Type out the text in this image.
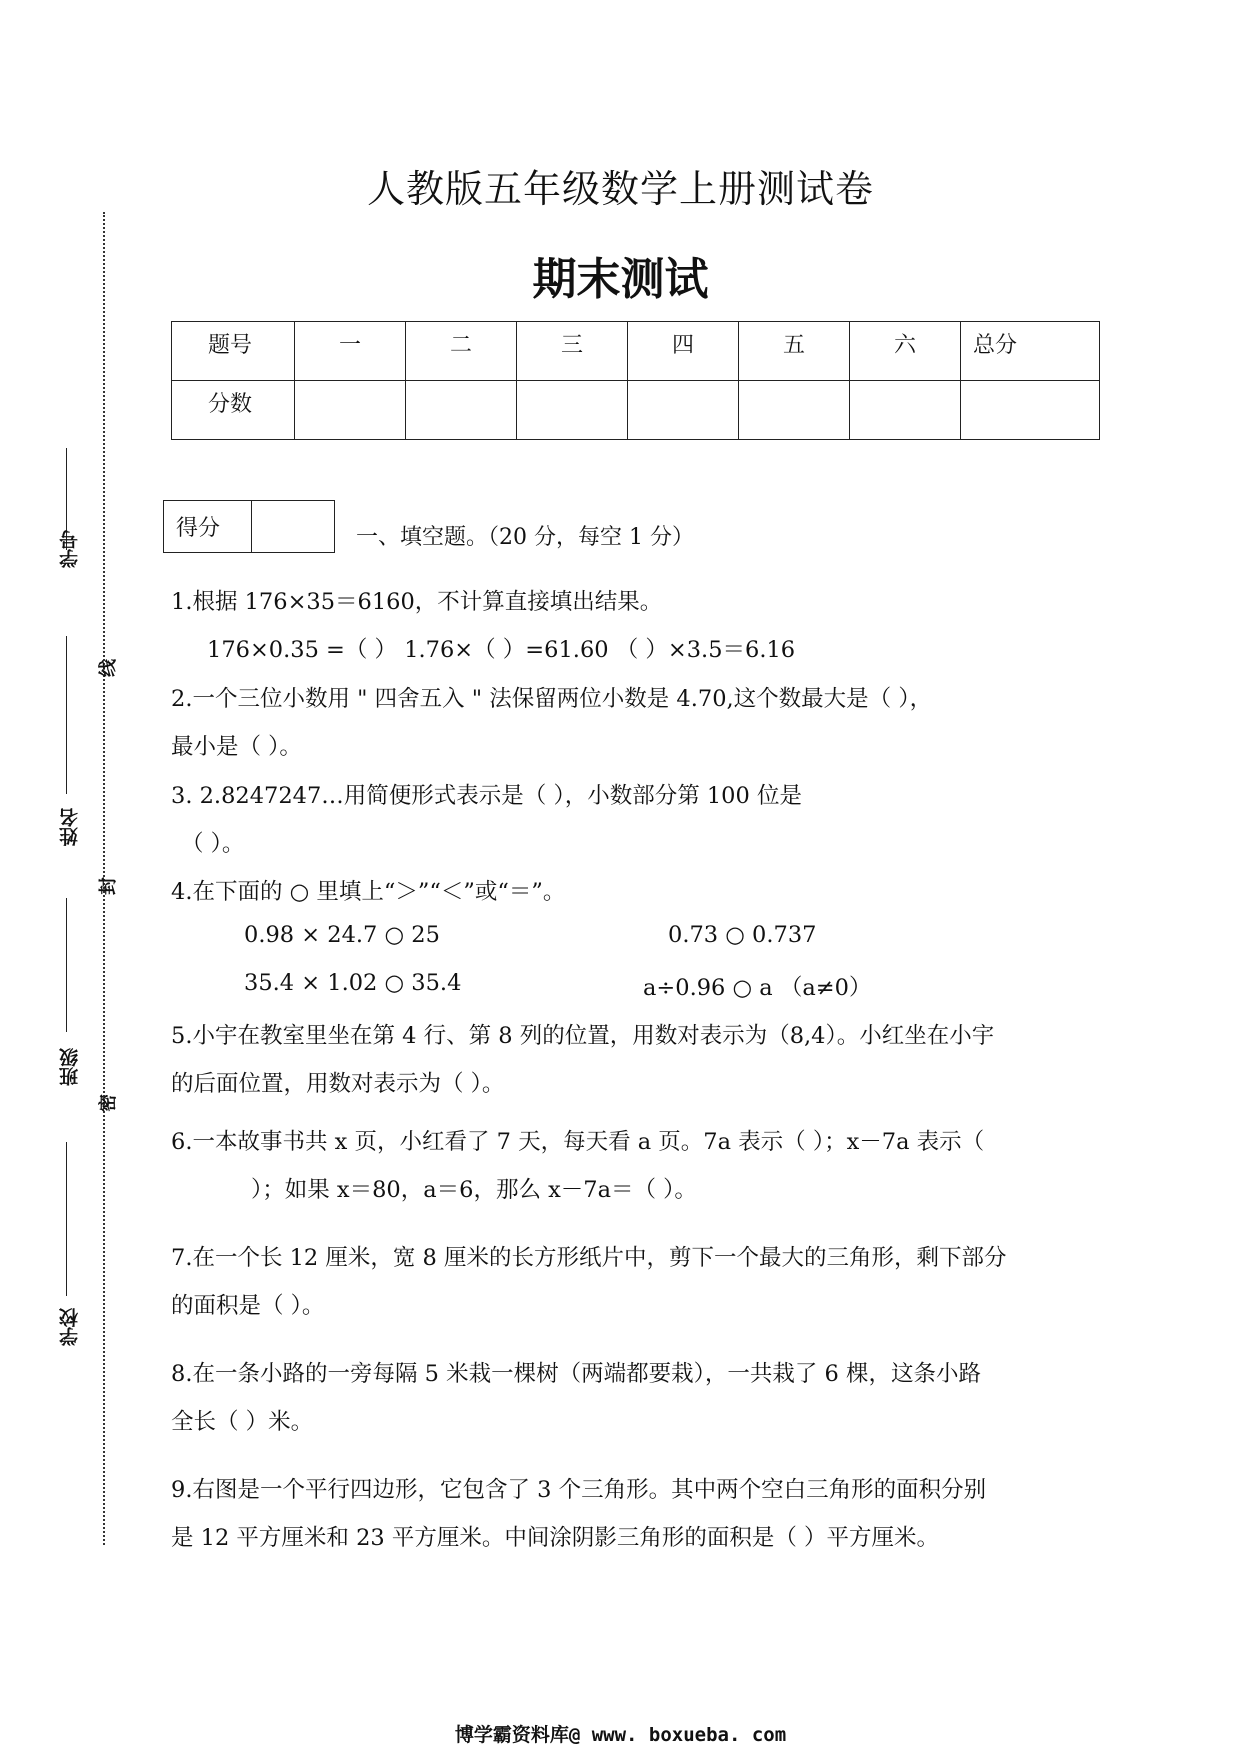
学号
姓名
班级
学校
线
封
密
人教版五年级数学上册测试卷
期末测试
题号	一	二	三	四	五	六	总分
分数							
得分	一、填空题。（20 分，每空 1 分）
1.根据 176×35＝6160，不计算直接填出结果。
176×0.35 =（ ） 1.76×（ ）=61.60 （ ）×3.5＝6.16
2.一个三位小数用 " 四舍五入 " 法保留两位小数是 4.70,这个数最大是（ ），
最小是（ ）。
3. 2.8247247…用简便形式表示是（ ），小数部分第 100 位是
（ ）。
4.在下面的 ○ 里填上“＞”“＜”或“＝”。
0.98 × 24.7 ○ 25	0.73 ○ 0.737
35.4 × 1.02 ○ 35.4	a÷0.96 ○ a （a≠0）
5.小宇在教室里坐在第 4 行、第 8 列的位置，用数对表示为（8,4）。小红坐在小宇
的后面位置，用数对表示为（ ）。
6.一本故事书共 x 页，小红看了 7 天，每天看 a 页。7a 表示（ ）；x－7a 表示（
）；如果 x＝80，a＝6，那么 x－7a＝（ ）。
7.在一个长 12 厘米，宽 8 厘米的长方形纸片中，剪下一个最大的三角形，剩下部分
的面积是（ ）。
8.在一条小路的一旁每隔 5 米栽一棵树（两端都要栽），一共栽了 6 棵，这条小路
全长（ ）米。
9.右图是一个平行四边形，它包含了 3 个三角形。其中两个空白三角形的面积分别
是 12 平方厘米和 23 平方厘米。中间涂阴影三角形的面积是（ ）平方厘米。
博学霸资料库@ www. boxueba. com
